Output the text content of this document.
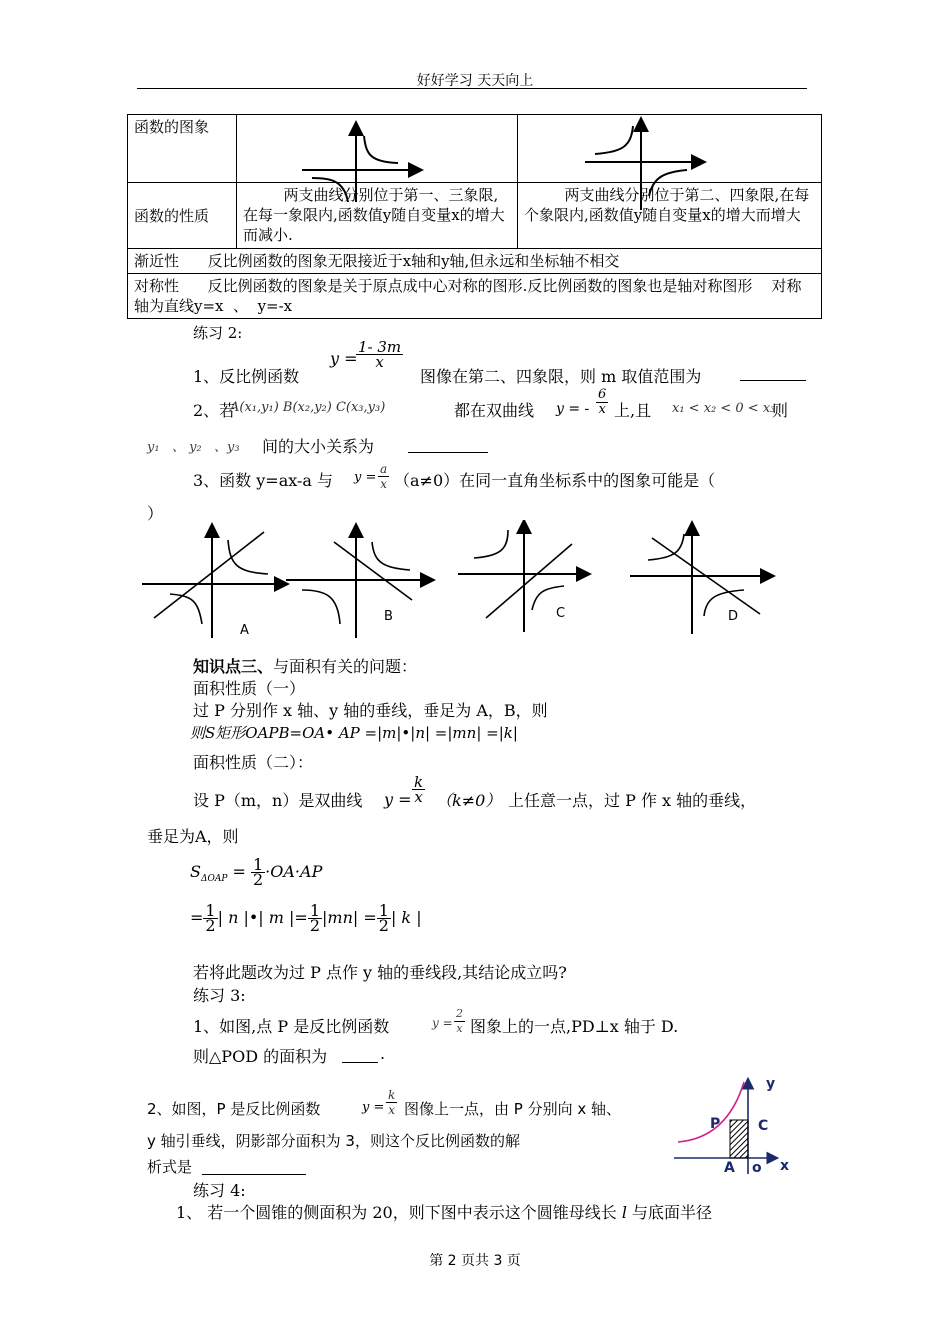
好好学习 天天向上
函数的图象		
函数的性质	两支曲线分别位于第一、三象限,在每一象限内,函数值y随自变量x的增大而减小.	两支曲线分别位于第二、四象限,在每个象限内,函数值y随自变量x的增大而增大
渐近性      反比例函数的图象无限接近于x轴和y轴,但永远和坐标轴不相交		
对称性      反比例函数的图象是关于原点成中心对称的图形.反比例函数的图象也是轴对称图形    对称轴为直线y=x  、  y=-x		
练习 2:
1、反比例函数
y =
$\frac{1- 3m}{x}$
图像在第二、四象限，则 m 取值范围为
2、若
A(x₁,y₁) B(x₂,y₂) C(x₃,y₃)	都在双曲线 y = - $\frac{6}{x}$ 上,且 x₁ < x₂ < 0 < x₃
则
y₁   、 y₂   、y₃ 间的大小关系为
3、函数 y=ax-a 与 $y = \frac{a}{x} (a\ne 0)$在同一直角坐标系中的图象可能是（
）
A
B	C	D
知识点三、与面积有关的问题：
面积性质（一）
过 P 分别作 x 轴、y 轴的垂线，垂足为 A，B，则
则S矩形OAPB=OA• AP =|m|•|n| =|mn| =|k|
面积性质（二）：
设 P（m，n）是双曲线 $y = \frac{k}{x} (k\ne 0)$ 上任意一点，过 P 作 x 轴的垂线，
垂足为A，则
$S_{\Delta OAP} = \frac{1}{2} \cdot OA\cdot AP$
= $\frac{1}{2}$ | n |•| m |= $\frac{1}{2} |mn| = \frac{1}{2}$ | k |
若将此题改为过 P 点作 y 轴的垂线段,其结论成立吗?
练习 3:
1、如图,点 P 是反比例函数	$y = \frac{2}{x}$ 图象上的一点,PD⊥x 轴于 D.
则△POD 的面积为	.
2、如图，P 是反比例函数	$y = \frac{k}{x}$ 图像上一点，由 P 分别向 x 轴、
y 轴引垂线，阴影部分面积为 3，则这个反比例函数的解
析式是
y
x
P	C
A o
练习 4:
1、 若一个圆锥的侧面积为 20，则下图中表示这个圆锥母线长 l 与底面半径
第 2 页共 3 页
